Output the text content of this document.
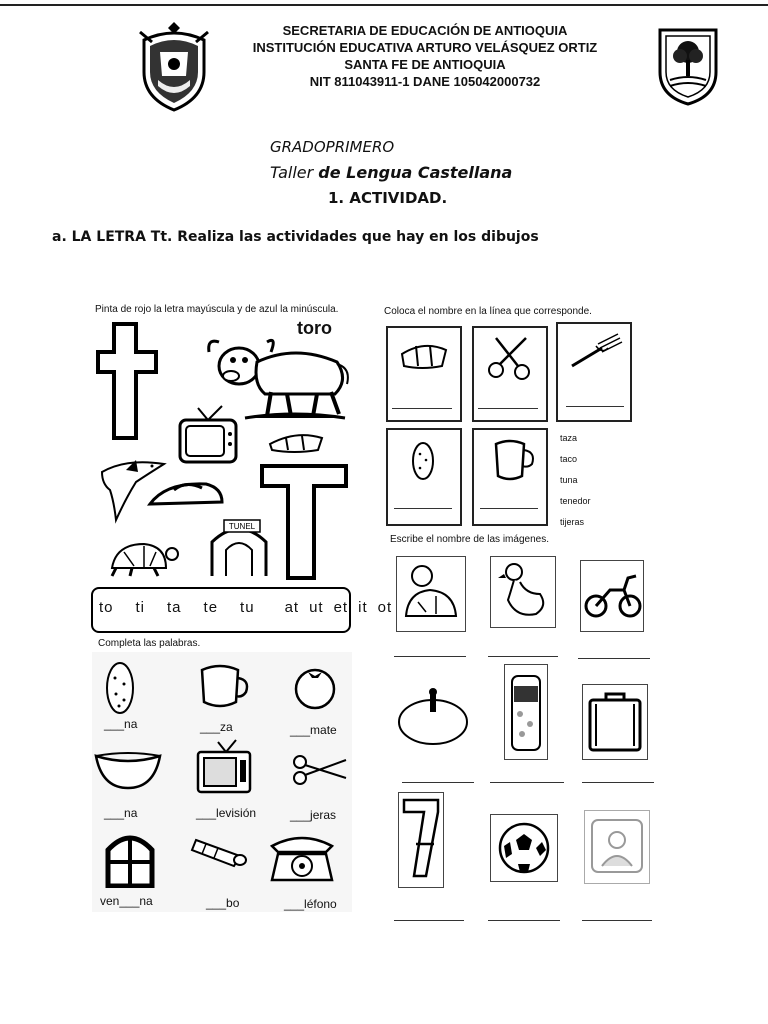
SECRETARIA DE EDUCACIÓN DE ANTIOQUIA
INSTITUCIÓN EDUCATIVA ARTURO VELÁSQUEZ ORTIZ
SANTA FE DE ANTIOQUIA
NIT 811043911-1 DANE 105042000732
GRADOPRIMERO
Taller de Lengua Castellana
1. ACTIVIDAD.
a. LA LETRA Tt. Realiza las actividades que hay en los dibujos
Pinta de rojo la letra mayúscula y de azul la minúscula.
toro
TUNEL
to ti ta te tu at ut et it ot
Completa las palabras.
___na	___za	___mate
___na	___levisión	___jeras
ven___na	___bo	___léfono
Coloca el nombre en la línea que corresponde.
taza
taco
tuna
tenedor
tijeras
Escribe el nombre de las imágenes.
